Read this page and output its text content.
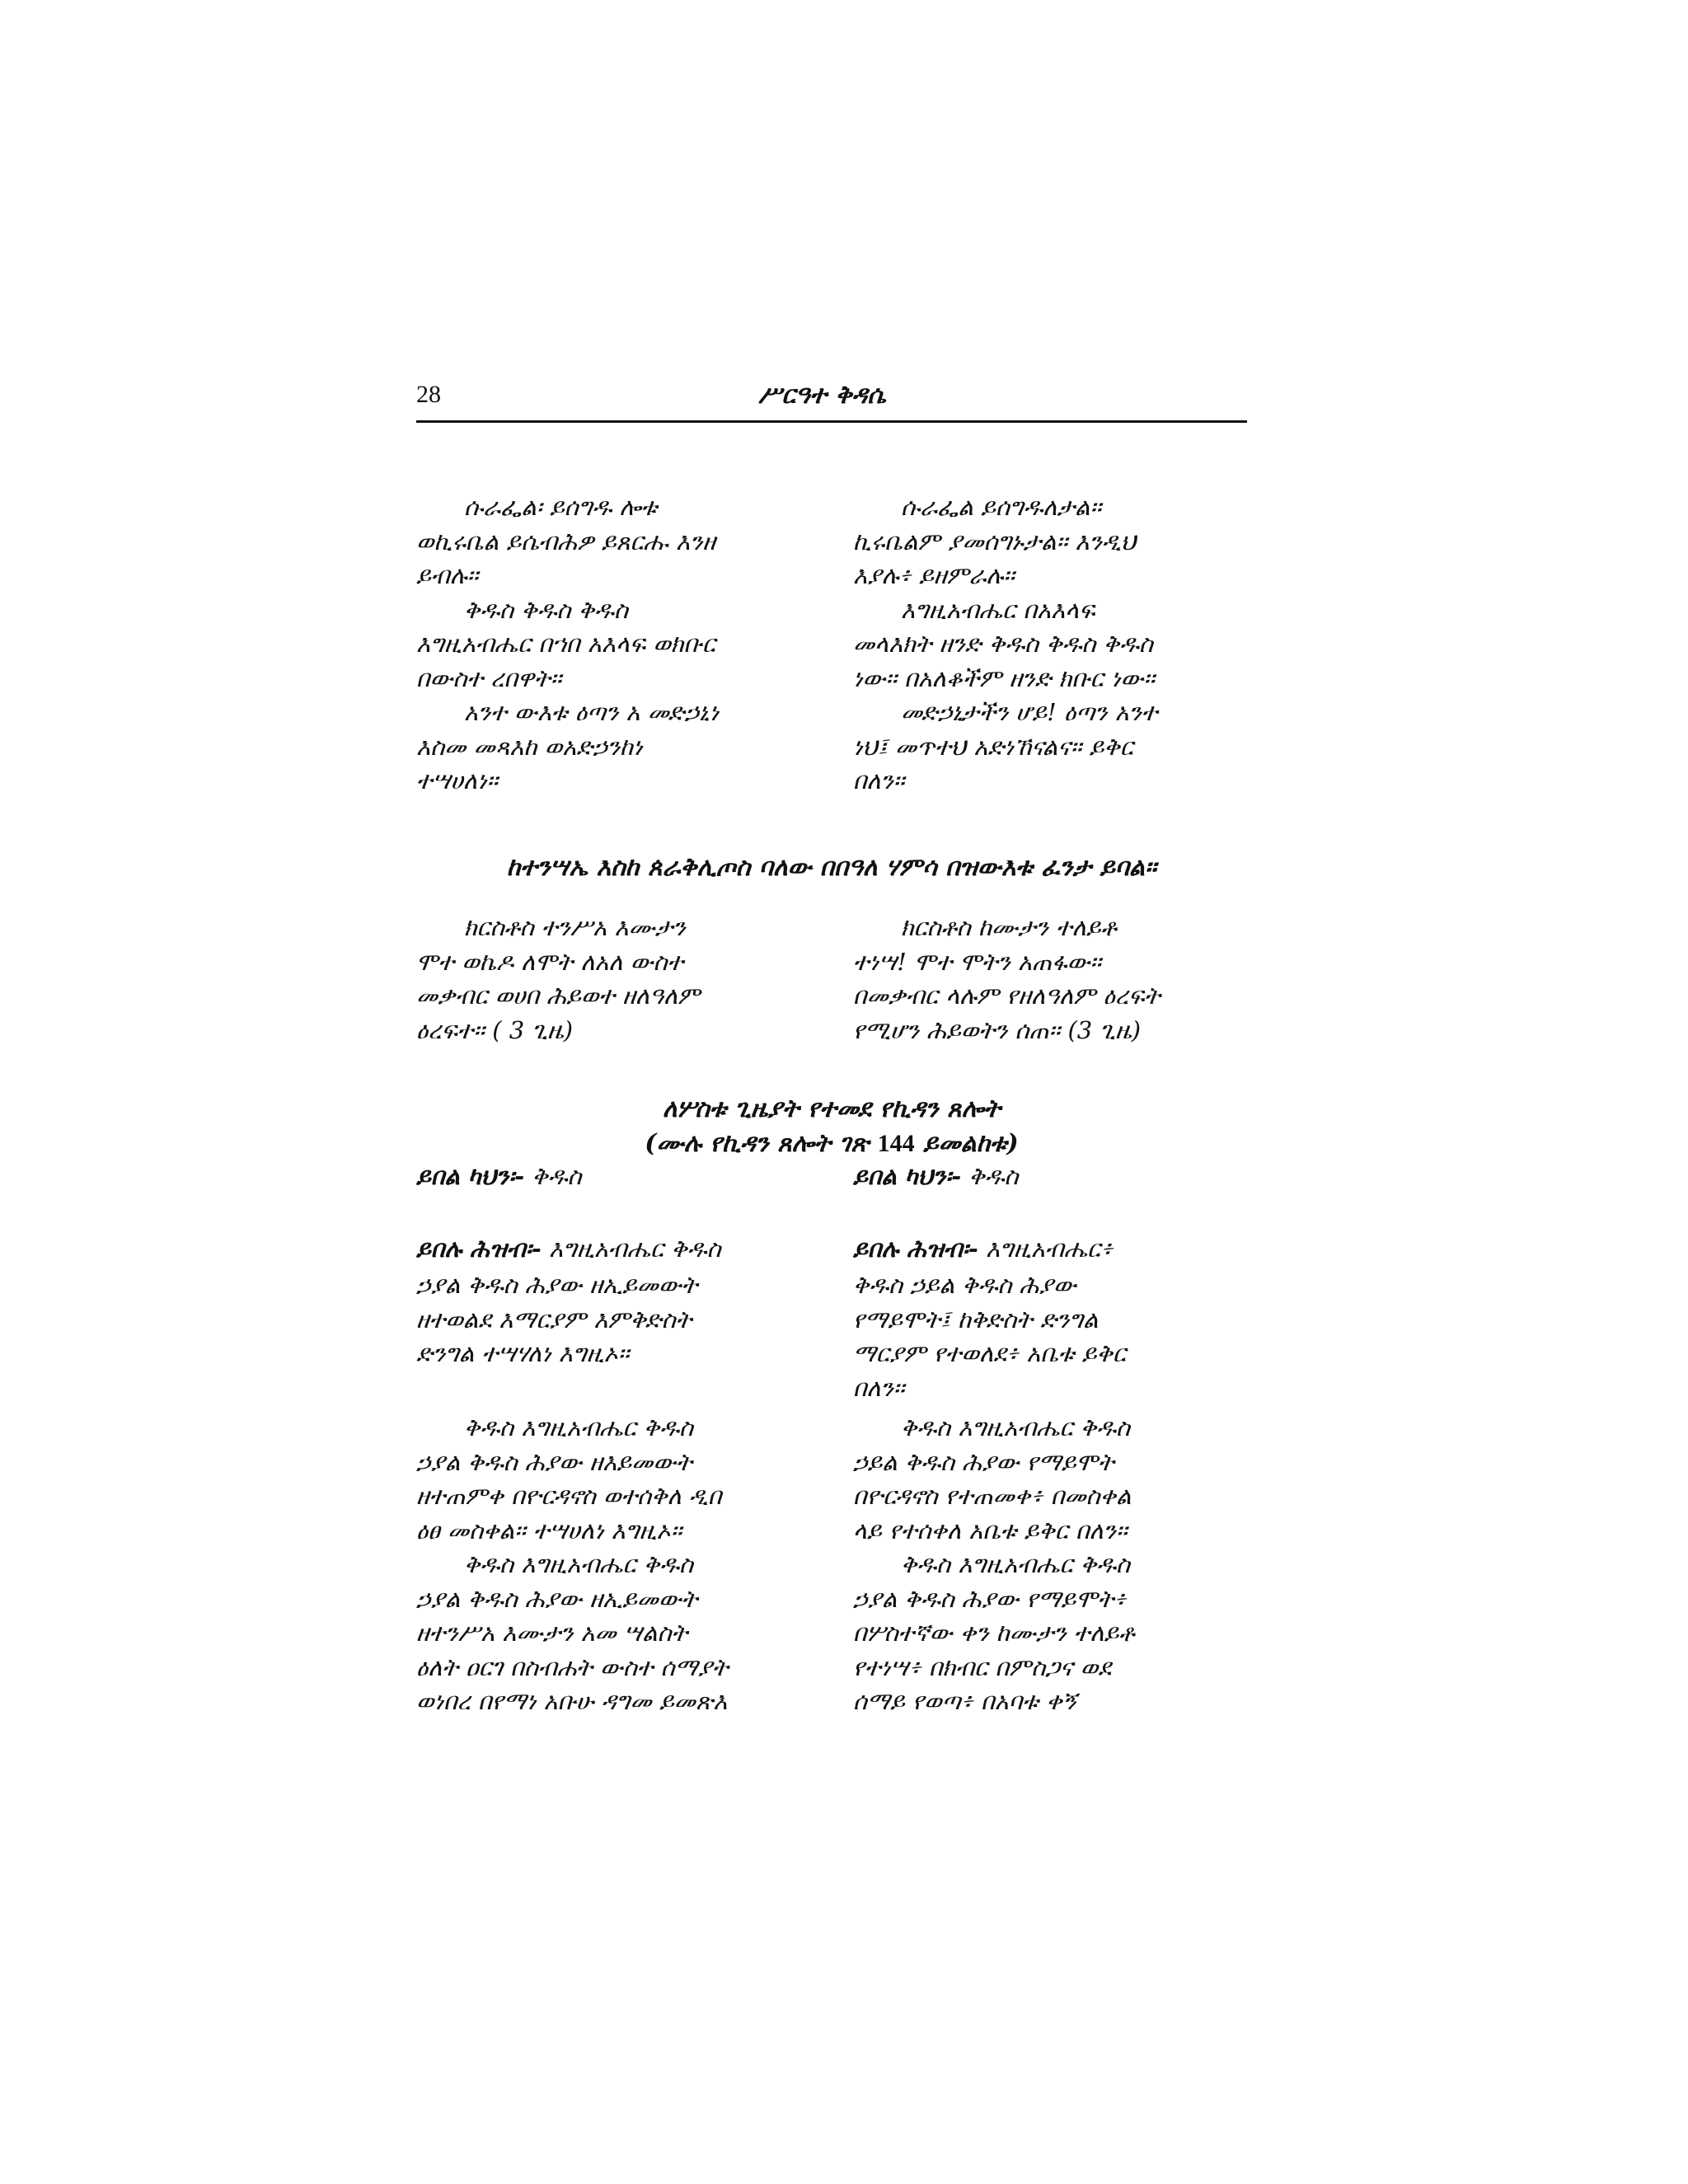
28	ሥርዓተ ቅዳሴ

ሱራፌል፡ ይሰግዱ ሎቱ

ወኪሩቤል ይሴብሕዎ ይጸርሑ እንዘ

ይብሉ፡፡

ቅዱስ ቅዱስ ቅዱስ

እግዚአብሔር በኀበ አእላፍ ወክቡር

በውስተ ረበዋት፡፡

አንተ ውእቱ ዕጣን አ መድኃኒነ

እስመ መጻእከ ወአድኃንከነ

ተሣሀለነ፡፡

ሱራፌል ይሰግዱለታል፡፡

ኪሩቤልም ያመሰግኑታል፡፡ እንዲህ

እያሉ፥ ይዘምራሉ፡፡

እግዚአብሔር በአእላፍ

መላእክት ዘንድ ቅዱስ ቅዱስ ቅዱስ

ነው፡፡ በአለቆችም ዘንድ ክቡር ነው፡፡

መድኃኒታችን ሆይ! ዕጣን አንተ

ነህ፤ መጥተህ አድነኸናልና፡፡ ይቅር

በለን፡፡

ከተንሣኤ እስከ ጰራቅሊጦስ ባለው በበዓለ ሃምሳ በዝውእቱ ፈንታ ይባል።

ክርስቶስ ተንሥአ እሙታን

ሞተ ወኬዶ ለሞት ለአለ ውስተ

መቃብር ወሀበ ሕይወተ ዘለዓለም

ዕረፍተ፡፡ ( 3 ጊዜ)

ክርስቶስ ከሙታን ተለይቶ

ተነሣ! ሞተ ሞትን አጠፋው፡፡

በመቃብር ላሉም የዘለዓለም ዕረፍት

የሚሆን ሕይወትን ሰጠ፡፡ (3 ጊዜ)

ለሦስቱ ጊዜያት የተመደ የኪዳን ጸሎት
(ሙሉ የኪዳን ጸሎት ገጽ 144 ይመልከቱ)
ይበል ካህን፡- ቅዱስ	ይበል ካህን፡- ቅዱስ
ይበሉ ሕዝብ፡- እግዚአብሔር ቅዱስ	ይበሉ ሕዝብ፡- እግዚአብሔር፥

ኃያል ቅዱስ ሕያው ዘኢይመውት

ዘተወልደ እማርያም እምቅድስት

ድንግል ተሣሃለነ እግዚኦ፡፡

ቅዱስ ኃይል ቅዱስ ሕያው

የማይሞት፤ ከቅድስት ድንግል

ማርያም የተወለደ፥ አቤቱ ይቅር

በለን፡፡

ቅዱስ እግዚአብሔር ቅዱስ

ኃያል ቅዱስ ሕያው ዘእይመውት

ዘተጠምቀ በዮርዳኖስ ወተሰቅለ ዲበ

ዕፀ መስቀል፡፡ ተሣሀለነ እግዚኦ፡፡

ቅዱስ እግዚአብሔር ቅዱስ

ኃያል ቅዱስ ሕያው ዘኢይመውት

ዘተንሥአ እሙታን አመ ሣልስት

ዕለት ዐርገ በስብሐት ውስተ ሰማያት

ወነበረ በየማነ አቡሁ ዳግመ ይመጽእ

ቅዱስ እግዚአብሔር ቅዱስ

ኃይል ቅዱስ ሕያው የማይሞት

በዮርዳኖስ የተጠመቀ፥ በመስቀል

ላይ የተሰቀለ አቤቱ ይቅር በለን፡፡

ቅዱስ እግዚአብሔር ቅዱስ

ኃያል ቅዱስ ሕያው የማይሞት፥

በሦስተኛው ቀን ከሙታን ተለይቶ

የተነሣ፥ በክብር በምስጋና ወደ

ሰማይ የወጣ፥ በአባቱ ቀኝ
